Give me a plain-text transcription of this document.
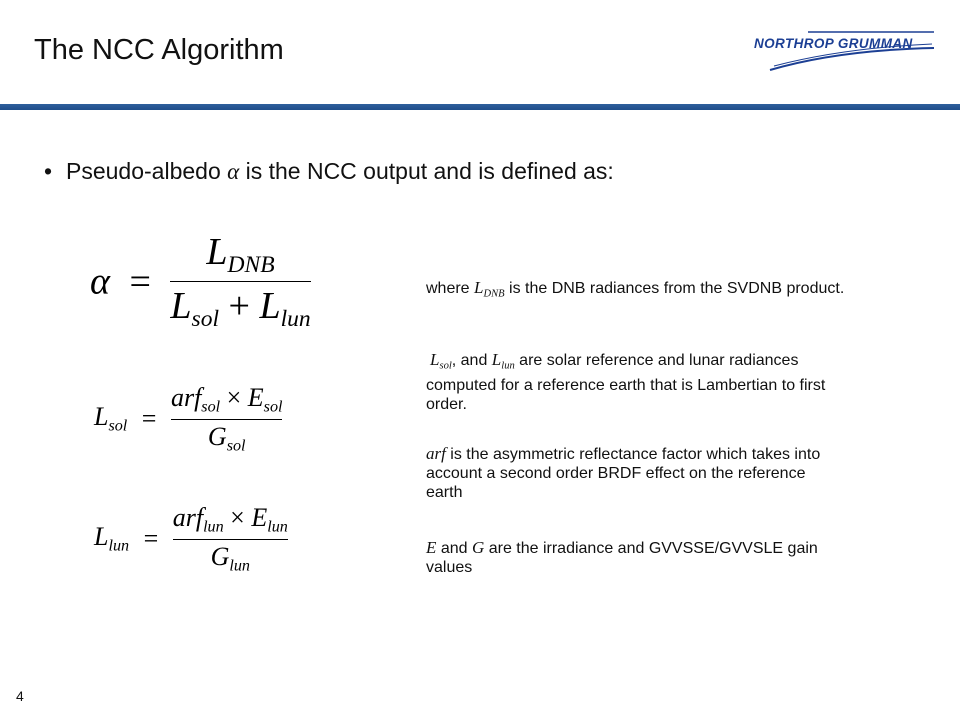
The NCC Algorithm	NORTHROP GRUMMAN
• Pseudo-albedo α is the NCC output and is defined as:
$\alpha = \frac{L_{DNB}}{L_{sol} + L_{lun}}$
$L_{sol} = \frac{arf_{sol} \times E_{sol}}{G_{sol}}$
$L_{lun} = \frac{arf_{lun} \times E_{lun}}{G_{lun}}$
where $L_{DNB}$ is the DNB radiances from the SVDNB product.
$L_{sol}$, and $L_{lun}$ are solar reference and lunar radiances computed for a reference earth that is Lambertian to first order.
arf is the asymmetric reflectance factor which takes into account a second order BRDF effect on the reference earth
E and G are the irradiance and GVVSSE/GVVSLE gain values
4
